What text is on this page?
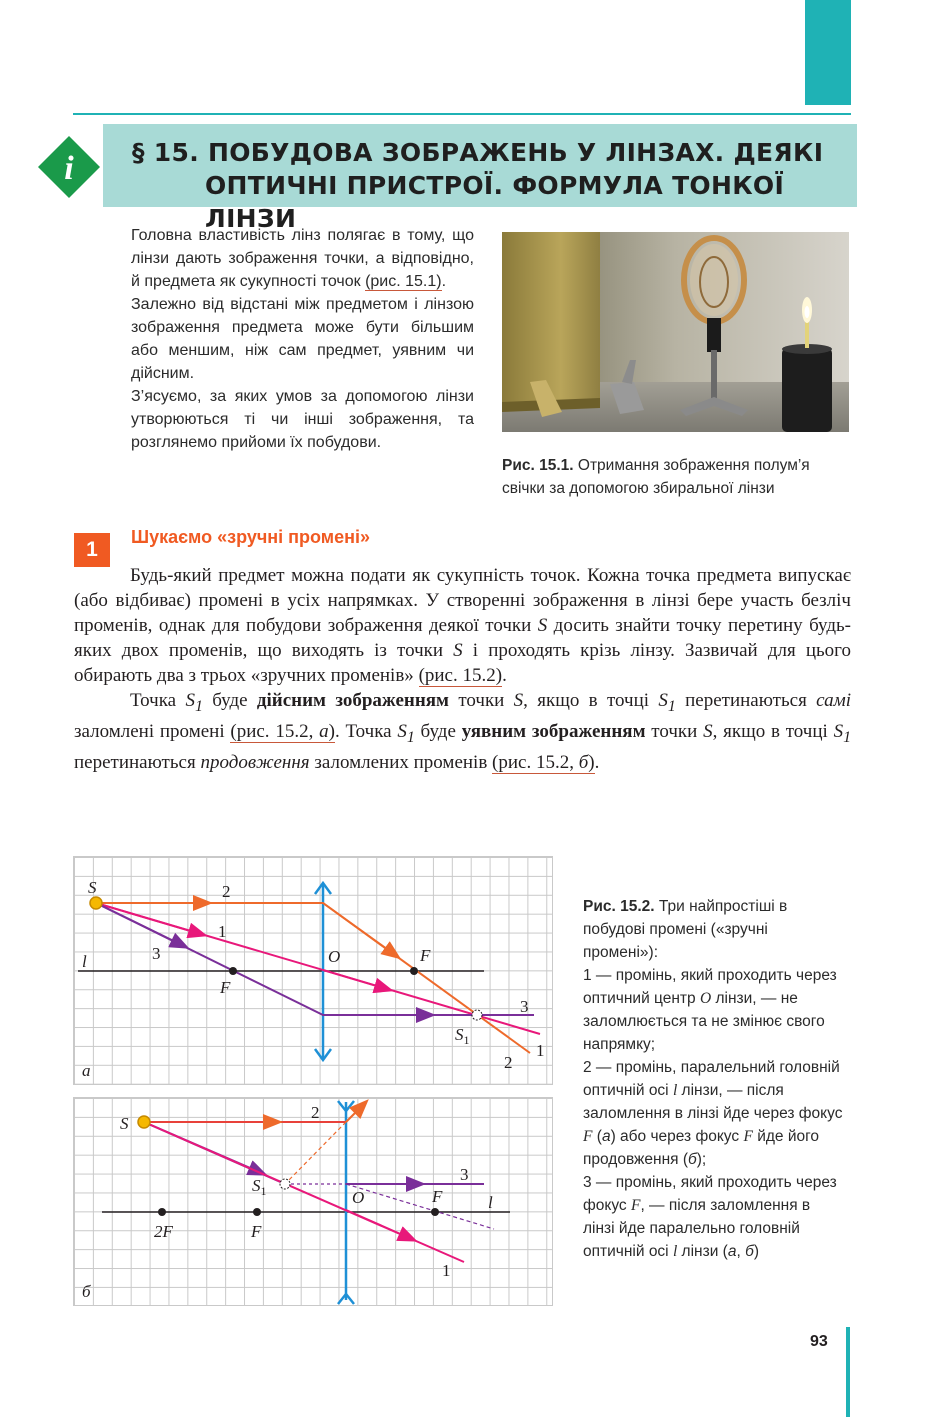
i § 15. ПОБУДОВА ЗОБРАЖЕНЬ У ЛІНЗАХ. ДЕЯКІ
ОПТИЧНІ ПРИСТРОЇ. ФОРМУЛА ТОНКОЇ ЛІНЗИ

Головна властивість лінз полягає в тому, що лінзи дають зображення точки, а відповідно, й предмета як сукупності точок (рис. 15.1).

Залежно від відстані між предметом і лінзою зображення предмета може бути більшим або меншим, ніж сам предмет, уявним чи дійсним.

З’ясуємо, за яких умов за допомогою лінзи утворюються ті чи інші зображення, та розглянемо прийоми їх побудови.

Рис. 15.1. Отримання зображення полум’я свічки за допомогою збиральної лінзи
1
Шукаємо «зручні промені»

Будь-який предмет можна подати як сукупність точок. Кожна точка предмета випускає (або відбиває) промені в усіх напрямках. У створенні зображення в лінзі бере участь безліч променів, однак для побудови зображення деякої точки S досить знайти точку перетину будь-яких двох променів, що виходять із точки S і проходять крізь лінзу. Зазвичай для цього обирають два з трьох «зручних променів» (рис. 15.2).

Точка $S_1$ буде дійсним зображенням точки S, якщо в точці $S_1$ перетинаються самі заломлені промені (рис. 15.2, а). Точка $S_1$ буде уявним зображенням точки S, якщо в точці $S_1$ перетинаються продовження заломлених променів (рис. 15.2, б).

S	2
1
3
l
F
O	F
$S_1$
3
1
2
а
S
2
3
1
$S_1$	O	F	l
2F	F
б
Рис. 15.2. Три найпростіші в побудові промені («зручні промені»):
1 — промінь, який проходить через оптичний центр O лінзи, — не заломлюється та не змінює свого напрямку;
2 — промінь, паралельний головній оптичній осі l лінзи, — після заломлення в лінзі йде через фокус F (а) або через фокус F йде його продовження (б);
3 — промінь, який проходить через фокус F, — після заломлення в лінзі йде паралельно головній оптичній осі l лінзи (а, б)
93
